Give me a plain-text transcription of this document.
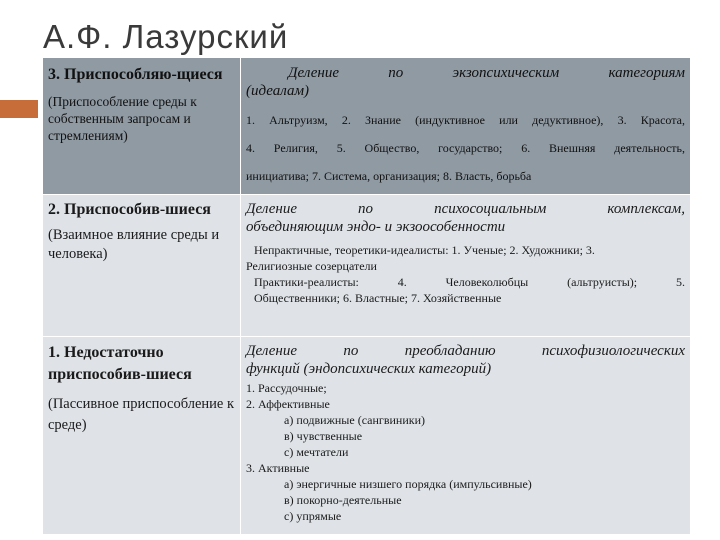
А.Ф. Лазурский
3. Приспособляю-щиеся
(Приспособление среды к собственным запросам и стремлениям)
Деление по экзопсихическим категориям
(идеалам)
1. Альтруизм, 2. Знание (индуктивное или дедуктивное), 3. Красота,
4. Религия, 5. Общество, государство; 6. Внешняя деятельность,
инициатива; 7. Система, организация; 8. Власть, борьба
2. Приспособив-шиеся
(Взаимное влияние среды и человека)
Деление по психосоциальным комплексам,
объединяющим эндо- и экзоособенности
Непрактичные, теоретики-идеалисты: 1. Ученые; 2. Художники; 3.
Религиозные созерцатели
Практики-реалисты: 4. Человеколюбцы (альтруисты); 5.
Общественники; 6. Властные; 7. Хозяйственные
1. Недостаточно приспособив-шиеся
(Пассивное приспособление к среде)
Деление по преобладанию психофизиологических
функций (эндопсихических категорий)
1. Рассудочные;
2. Аффективные
а) подвижные (сангвиники)
в) чувственные
с) мечтатели
3. Активные
а) энергичные низшего порядка (импульсивные)
в) покорно-деятельные
с) упрямые
